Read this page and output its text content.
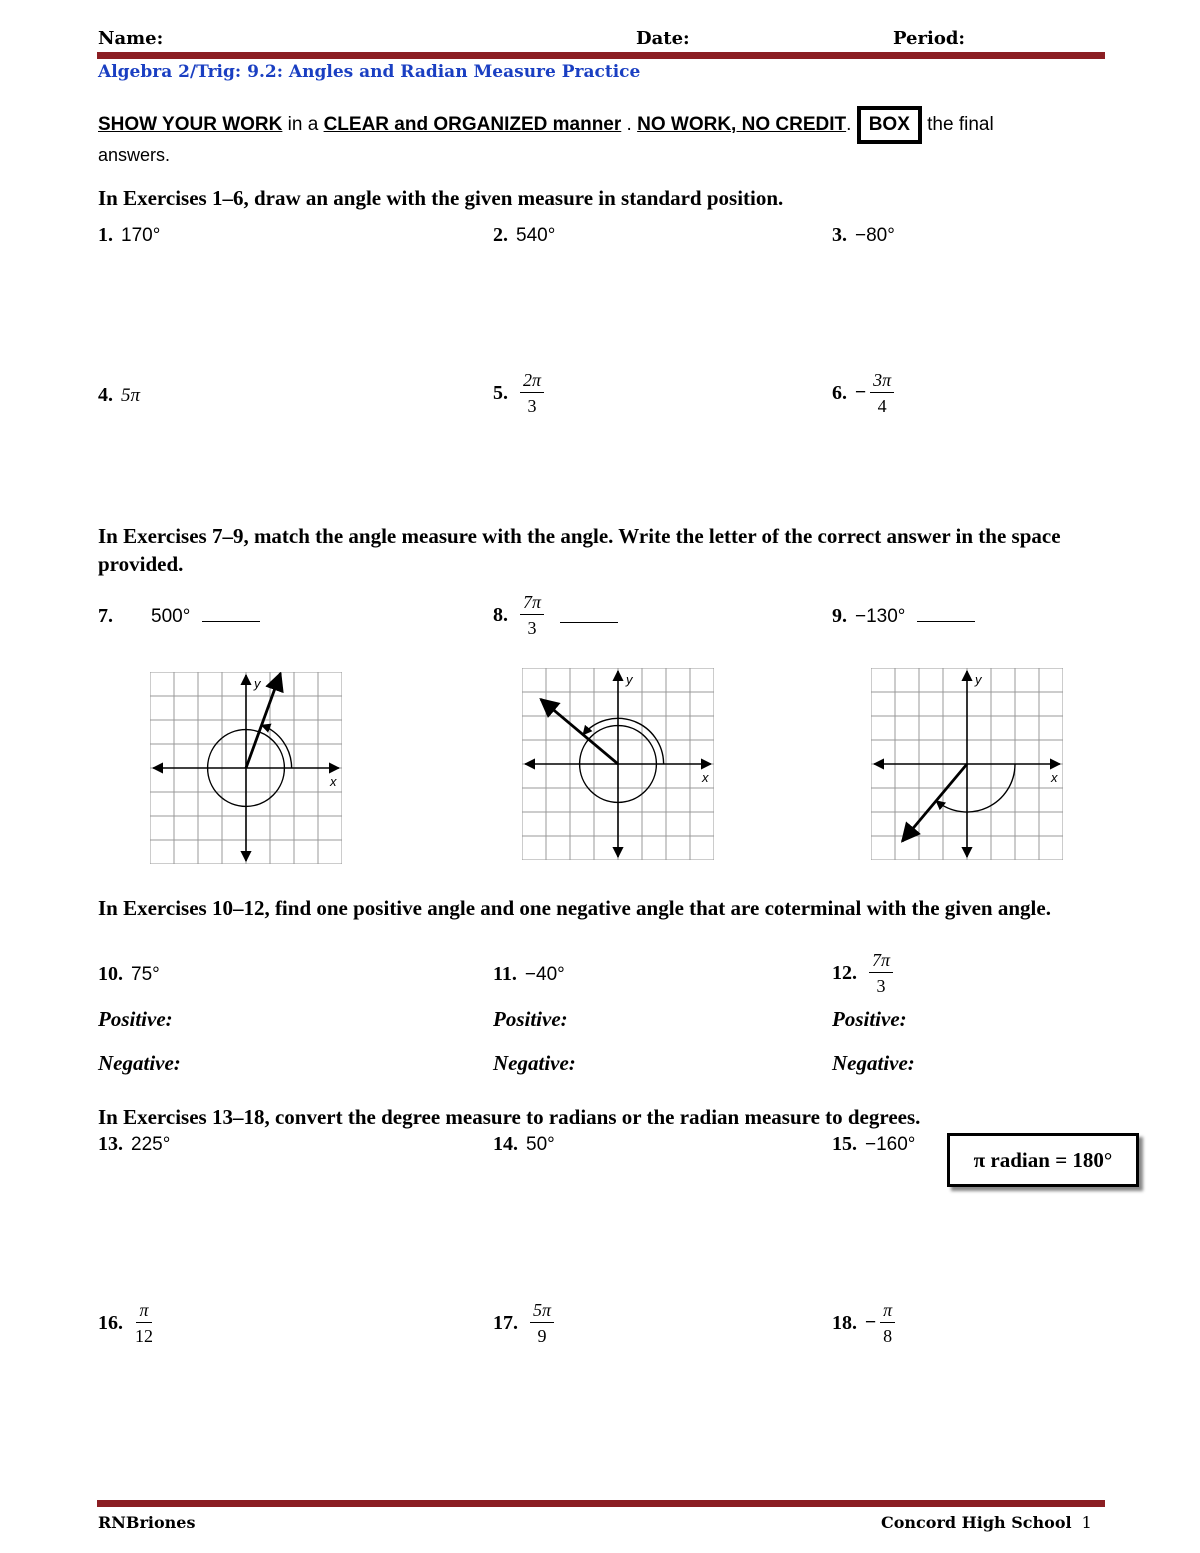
Name:	Date:	Period:
Algebra 2/Trig: 9.2: Angles and Radian Measure Practice
SHOW YOUR WORK in a CLEAR and ORGANIZED manner . NO WORK, NO CREDIT. BOX the final
answers.
In Exercises 1–6, draw an angle with the given measure in standard position.
1. 170°	2. 540°	3. −80°
4. 5π	5. $\frac{2\pi}{3}$	6. − $\frac{3\pi}{4}$
In Exercises 7–9, match the angle measure with the angle. Write the letter of the correct answer in the space provided.
7. 500°	8. $\frac{7\pi}{3}$	9. −130°
x
y
x
y
x
y
In Exercises 10–12, find one positive angle and one negative angle that are coterminal with the given angle.
10. 75°	11. −40°	12. $\frac{7\pi}{3}$
Positive:	Positive:	Positive:
Negative:	Negative:	Negative:
In Exercises 13–18, convert the degree measure to radians or the radian measure to degrees.
13. 225°	14. 50°	15. −160°
π radian = 180°
16. $\frac{\pi}{12}$	17. $\frac{5\pi}{9}$	18. − $\frac{\pi}{8}$
RNBriones	Concord High School 1
